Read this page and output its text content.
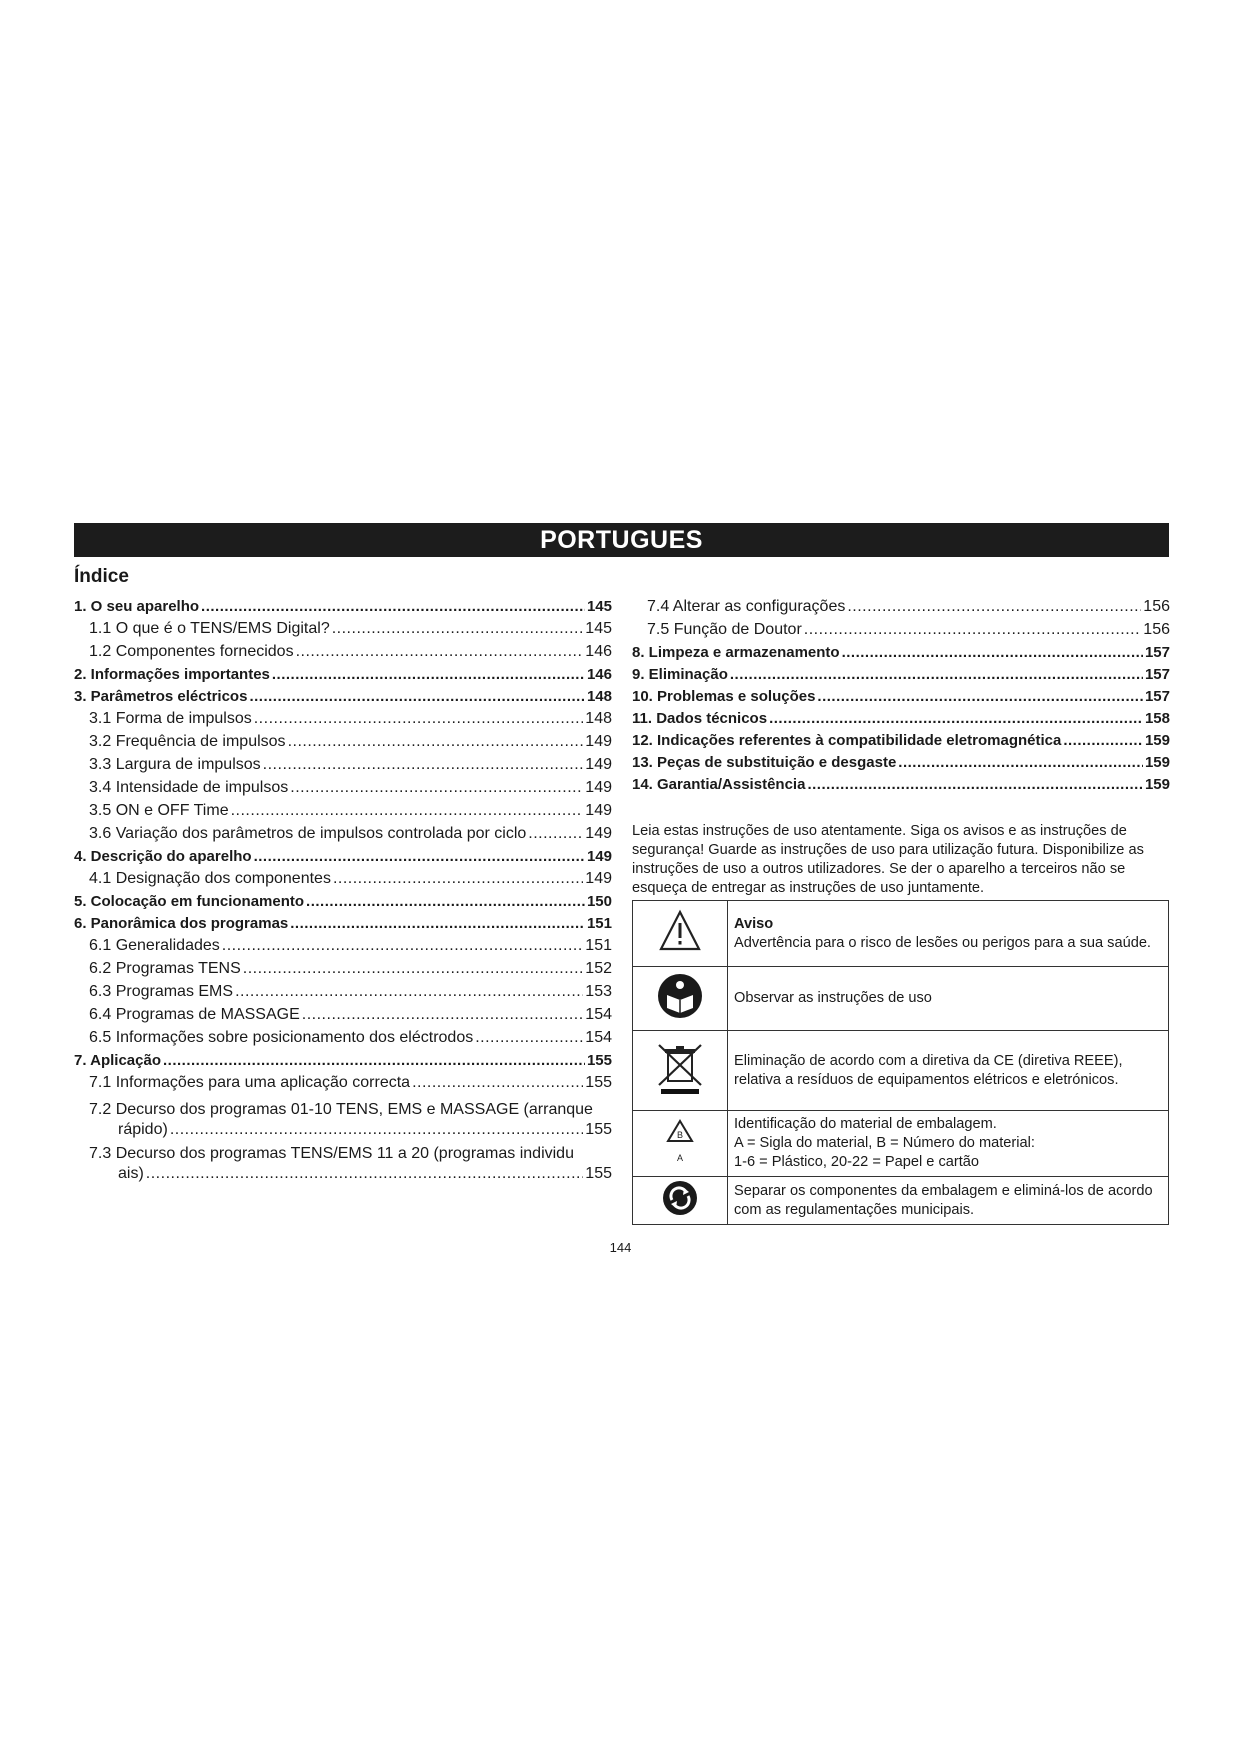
PORTUGUES
Índice
1. O seu aparelho .....	145
1.1 O que é o TENS/EMS Digital? .....	145
1.2 Componentes fornecidos .....	146
2. Informações importantes .....	146
3. Parâmetros eléctricos .....	148
3.1 Forma de impulsos .....	148
3.2 Frequência de impulsos .....	149
3.3 Largura de impulsos .....	149
3.4 Intensidade de impulsos .....	149
3.5 ON e OFF Time .....	149
3.6 Variação dos parâmetros de impulsos controlada por ciclo .....	149
4. Descrição do aparelho .....	149
4.1 Designação dos componentes .....	149
5. Colocação em funcionamento .....	150
6. Panorâmica dos programas .....	151
6.1 Generalidades .....	151
6.2 Programas TENS .....	152
6.3 Programas EMS .....	153
6.4 Programas de MASSAGE .....	154
6.5 Informações sobre posicionamento dos eléctrodos .....	154
7. Aplicação .....	155
7.1 Informações para uma aplicação correcta .....	155
7.2 Decurso dos programas 01-10 TENS, EMS e MASSAGE (arranque
rápido) .....	155
7.3 Decurso dos programas TENS/EMS 11 a 20 (programas individu
ais) .....	155
7.4 Alterar as configurações .....	156
7.5 Função de Doutor .....	156
8. Limpeza e armazenamento .....	157
9. Eliminação .....	157
10. Problemas e soluções .....	157
11. Dados técnicos .....	158
12. Indicações referentes à compatibilidade eletromagnética .....	159
13. Peças de substituição e desgaste .....	159
14. Garantia/Assistência .....	159

Leia estas instruções de uso atentamente. Siga os avisos e as instruções de segurança! Guarde as instruções de uso para utilização futura. Disponibilize as instruções de uso a outros utilizadores. Se der o aparelho a terceiros não se esqueça de entregar as instruções de uso juntamente.

	Aviso
Advertência para o risco de lesões ou perigos para a sua saúde.
	Observar as instruções de uso
	Eliminação de acordo com a diretiva da CE (diretiva REEE), relativa a resíduos de equipamentos elétricos e eletrónicos.

B
A	Identificação do material de embalagem.
A = Sigla do material, B = Número do material:
1-6 = Plástico, 20-22 = Papel e cartão
	Separar os componentes da embalagem e eliminá-los de acordo com as regulamentações municipais.
144
